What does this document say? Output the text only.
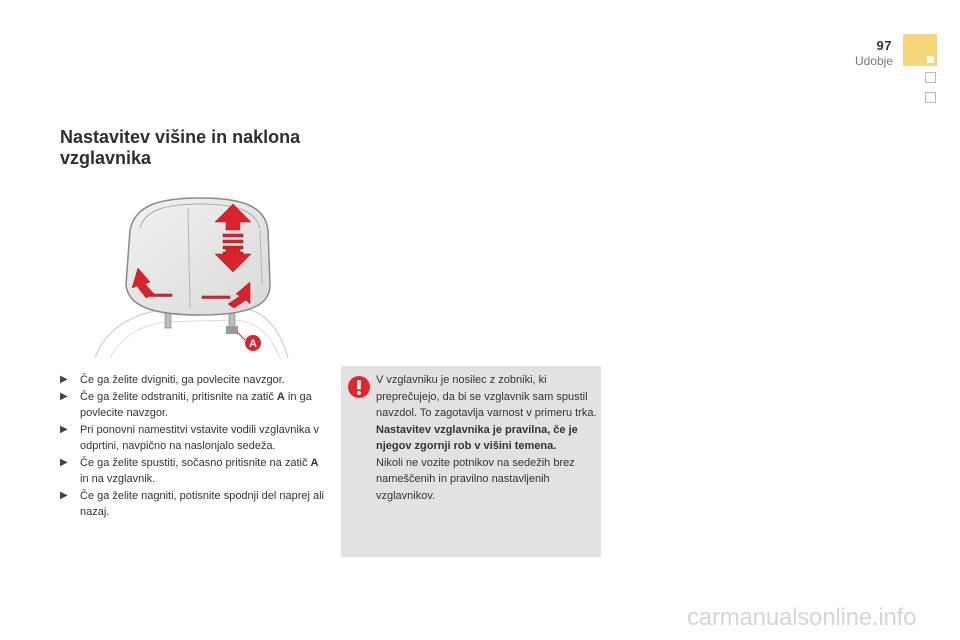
97
Udobje
Nastavitev višine in naklona vzglavnika
A
▶ Če ga želite dvigniti, ga povlecite navzgor.
▶ Če ga želite odstraniti, pritisnite na zatič A in ga povlecite navzgor.
▶ Pri ponovni namestitvi vstavite vodili vzglavnika v odprtini, navpično na naslonjalo sedeža.
▶ Če ga želite spustiti, sočasno pritisnite na zatič A in na vzglavnik.
▶ Če ga želite nagniti, potisnite spodnji del naprej ali nazaj.
V vzglavniku je nosilec z zobniki, ki preprečujejo, da bi se vzglavnik sam spustil navzdol. To zagotavlja varnost v primeru trka.
Nastavitev vzglavnika je pravilna, če je njegov zgornji rob v višini temena.
Nikoli ne vozite potnikov na sedežih brez nameščenih in pravilno nastavljenih vzglavnikov.
carmanualsonline.info
